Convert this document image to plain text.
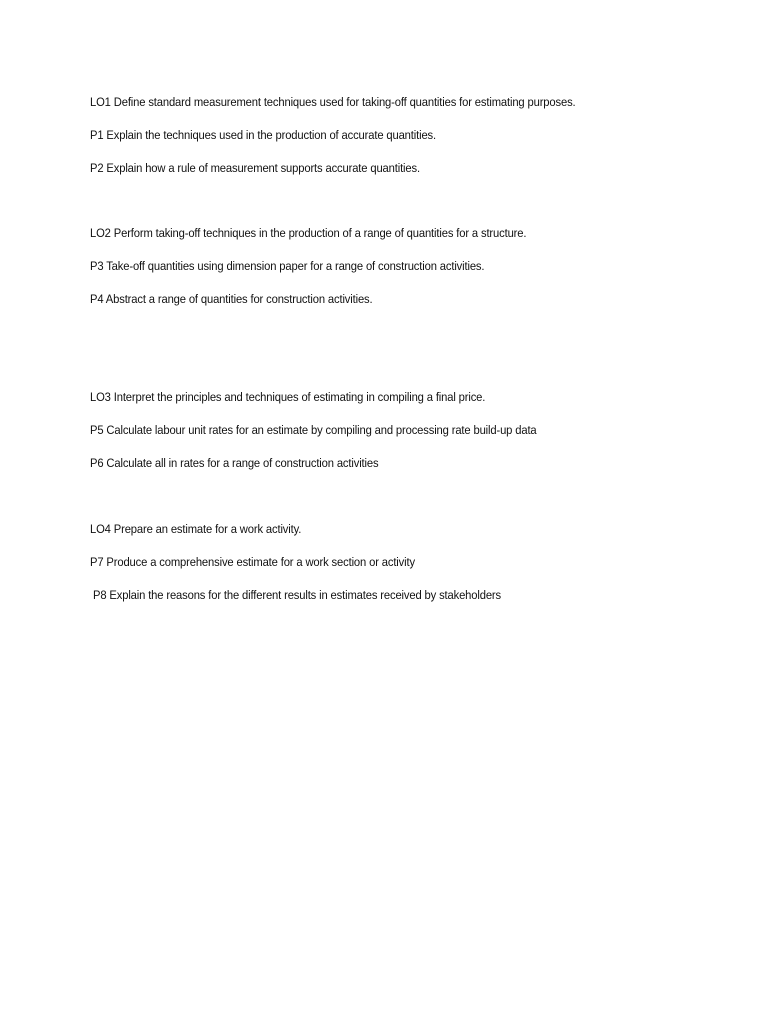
LO1 Define standard measurement techniques used for taking-off quantities for estimating purposes.
P1 Explain the techniques used in the production of accurate quantities.
P2 Explain how a rule of measurement supports accurate quantities.
LO2 Perform taking-off techniques in the production of a range of quantities for a structure.
P3 Take-off quantities using dimension paper for a range of construction activities.
P4 Abstract a range of quantities for construction activities.
LO3 Interpret the principles and techniques of estimating in compiling a final price.
P5 Calculate labour unit rates for an estimate by compiling and processing rate build-up data
P6 Calculate all in rates for a range of construction activities
LO4 Prepare an estimate for a work activity.
P7 Produce a comprehensive estimate for a work section or activity
P8 Explain the reasons for the different results in estimates received by stakeholders
